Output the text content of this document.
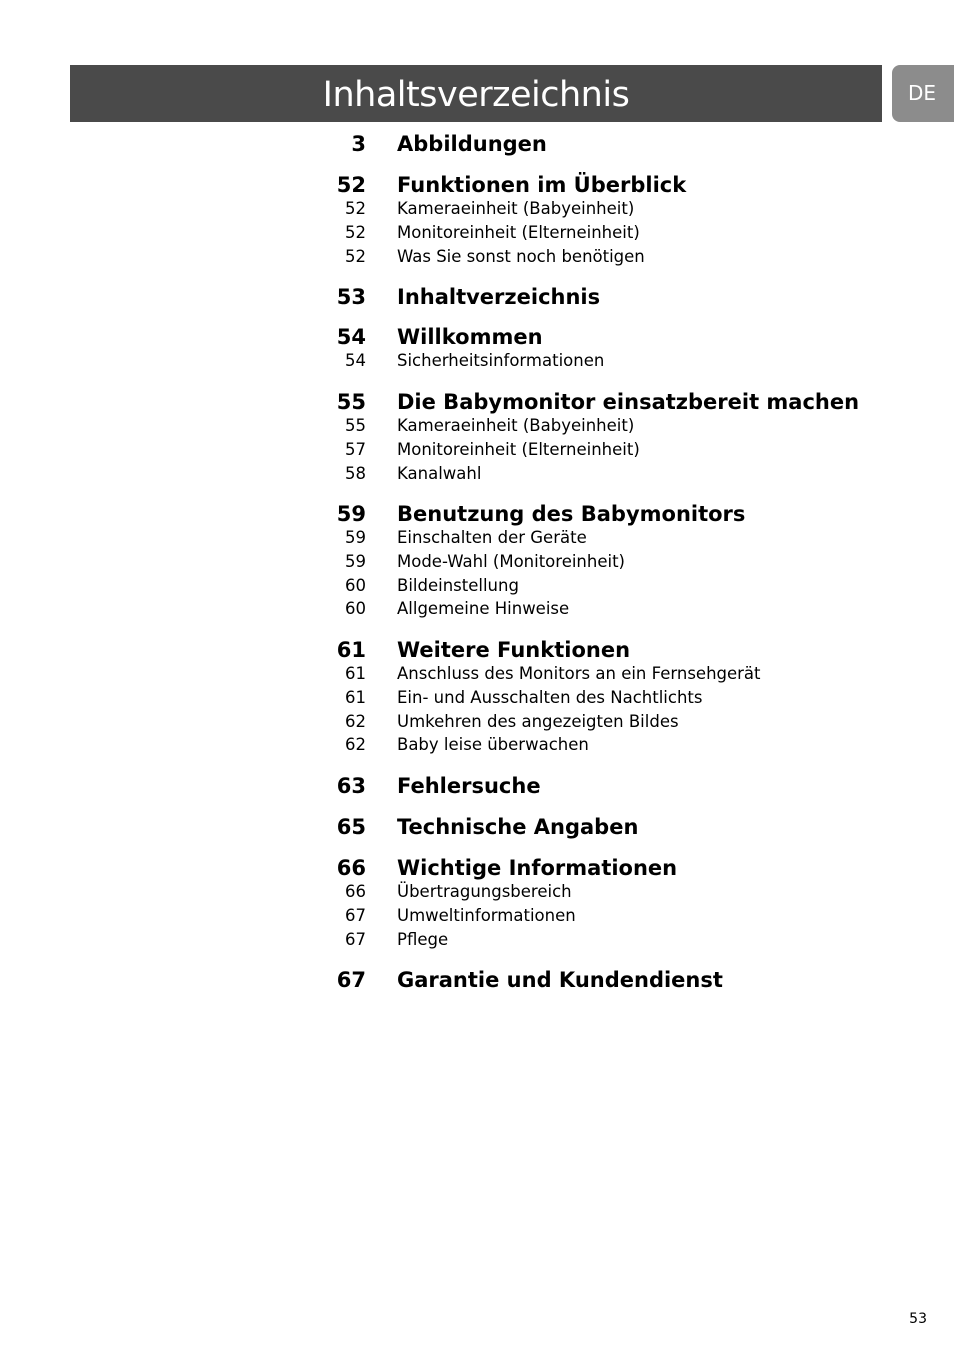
Inhaltsverzeichnis	DE
3 Abbildungen
52 Funktionen im Überblick
52 Kameraeinheit (Babyeinheit)
52 Monitoreinheit (Elterneinheit)
52 Was Sie sonst noch benötigen
53 Inhaltverzeichnis
54 Willkommen
54 Sicherheitsinformationen
55 Die Babymonitor einsatzbereit machen
55 Kameraeinheit (Babyeinheit)
57 Monitoreinheit (Elterneinheit)
58 Kanalwahl
59 Benutzung des Babymonitors
59 Einschalten der Geräte
59 Mode-Wahl (Monitoreinheit)
60 Bildeinstellung
60 Allgemeine Hinweise
61 Weitere Funktionen
61 Anschluss des Monitors an ein Fernsehgerät
61 Ein- und Ausschalten des Nachtlichts
62 Umkehren des angezeigten Bildes
62 Baby leise überwachen
63 Fehlersuche
65 Technische Angaben
66 Wichtige Informationen
66 Übertragungsbereich
67 Umweltinformationen
67 Pflege
67 Garantie und Kundendienst
53
